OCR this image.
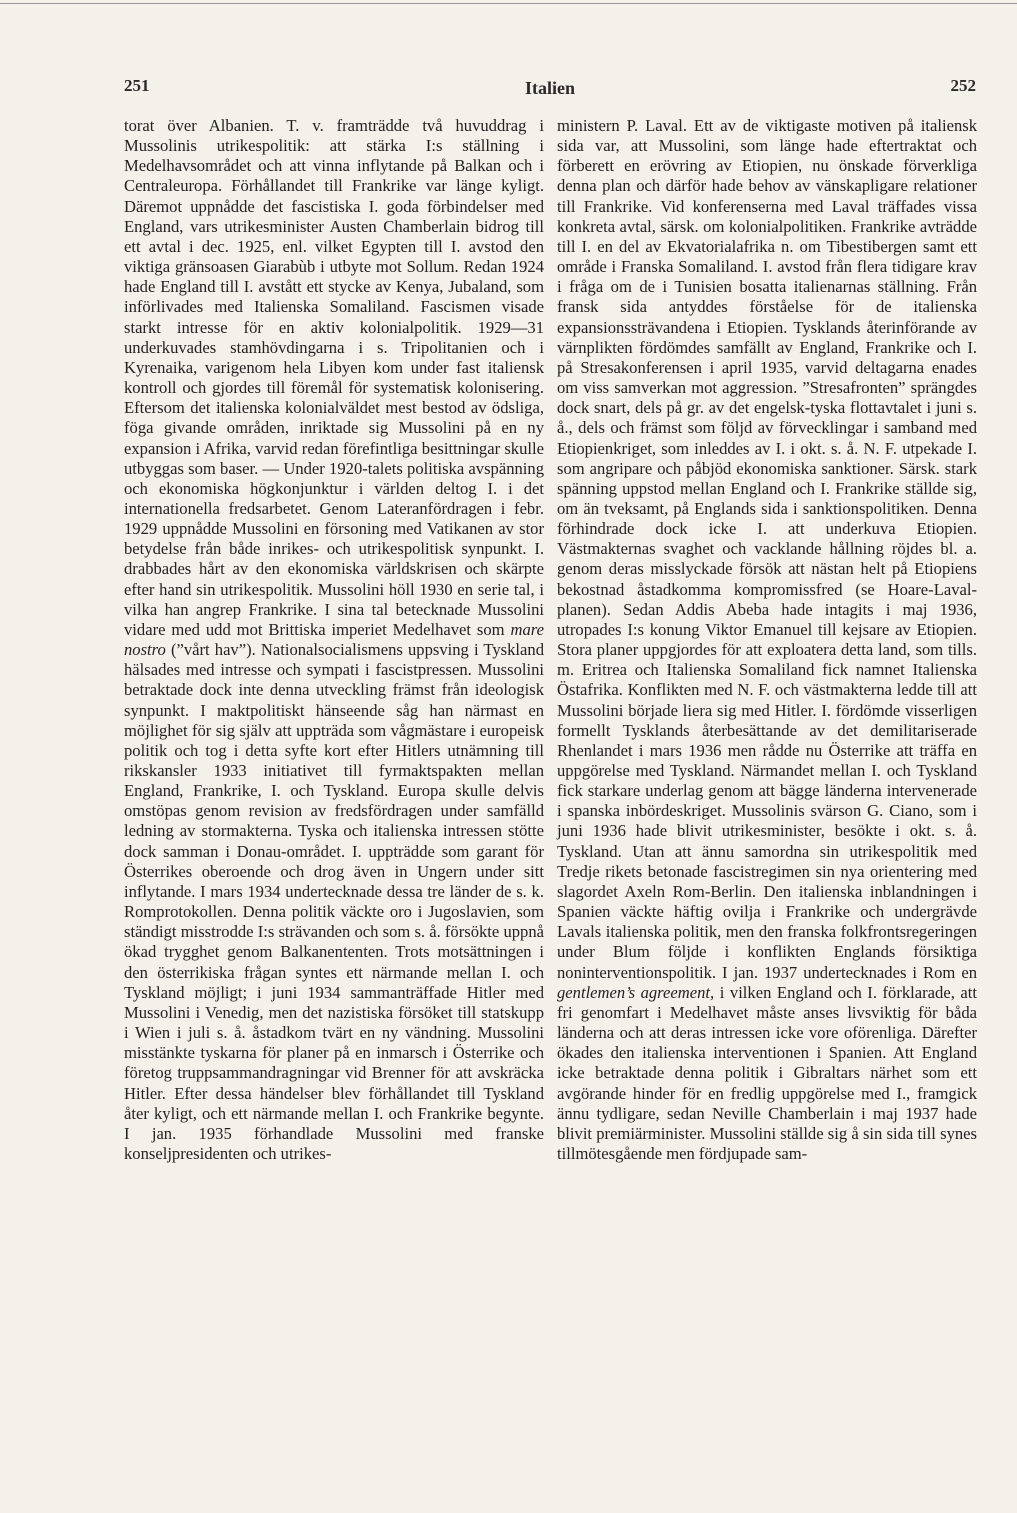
251	Italien	252

torat över Albanien. T. v. framträdde två huvuddrag i Mussolinis utrikespolitik: att stärka I:s ställning i Medelhavsområdet och att vinna inflytande på Balkan och i Centraleuropa. Förhållandet till Frankrike var länge kyligt. Däremot uppnådde det fascistiska I. goda förbindelser med England, vars utrikesminister Austen Chamberlain bidrog till ett avtal i dec. 1925, enl. vilket Egypten till I. avstod den viktiga gränsoasen Giarabùb i utbyte mot Sollum. Redan 1924 hade England till I. avstått ett stycke av Kenya, Jubaland, som införlivades med Italienska Somaliland. Fascismen visade starkt intresse för en aktiv kolonialpolitik. 1929—31 underkuvades stamhövdingarna i s. Tripolitanien och i Kyrenaika, varigenom hela Libyen kom under fast italiensk kontroll och gjordes till föremål för systematisk kolonisering. Eftersom det italienska kolonialväldet mest bestod av ödsliga, föga givande områden, inriktade sig Mussolini på en ny expansion i Afrika, varvid redan förefintliga besittningar skulle utbyggas som baser. — Under 1920-talets politiska avspänning och ekonomiska högkonjunktur i världen deltog I. i det internationella fredsarbetet. Genom Lateranfördragen i febr. 1929 uppnådde Mussolini en försoning med Vatikanen av stor betydelse från både inrikes- och utrikespolitisk synpunkt. I. drabbades hårt av den ekonomiska världskrisen och skärpte efter hand sin utrikespolitik. Mussolini höll 1930 en serie tal, i vilka han angrep Frankrike. I sina tal betecknade Mussolini vidare med udd mot Brittiska imperiet Medelhavet som mare nostro (”vårt hav”). Nationalsocialismens uppsving i Tyskland hälsades med intresse och sympati i fascistpressen. Mussolini betraktade dock inte denna utveckling främst från ideologisk synpunkt. I maktpolitiskt hänseende såg han närmast en möjlighet för sig själv att uppträda som vågmästare i europeisk politik och tog i detta syfte kort efter Hitlers utnämning till rikskansler 1933 initiativet till fyrmaktspakten mellan England, Frankrike, I. och Tyskland. Europa skulle delvis omstöpas genom revision av fredsfördragen under samfälld ledning av stormakterna. Tyska och italienska intressen stötte dock samman i Donau-området. I. uppträdde som garant för Österrikes oberoende och drog även in Ungern under sitt inflytande. I mars 1934 undertecknade dessa tre länder de s. k. Romprotokollen. Denna politik väckte oro i Jugoslavien, som ständigt misstrodde I:s strävanden och som s. å. försökte uppnå ökad trygghet genom Balkanententen. Trots motsättningen i den österrikiska frågan syntes ett närmande mellan I. och Tyskland möjligt; i juni 1934 sammanträffade Hitler med Mussolini i Venedig, men det nazistiska försöket till statskupp i Wien i juli s. å. åstadkom tvärt en ny vändning. Mussolini misstänkte tyskarna för planer på en inmarsch i Österrike och företog truppsammandragningar vid Brenner för att avskräcka Hitler. Efter dessa händelser blev förhållandet till Tyskland åter kyligt, och ett närmande mellan I. och Frankrike begynte. I jan. 1935 förhandlade Mussolini med franske konseljpresidenten och utrikes-

ministern P. Laval. Ett av de viktigaste motiven på italiensk sida var, att Mussolini, som länge hade eftertraktat och förberett en erövring av Etiopien, nu önskade förverkliga denna plan och därför hade behov av vänskapligare relationer till Frankrike. Vid konferenserna med Laval träffades vissa konkreta avtal, särsk. om kolonialpolitiken. Frankrike avträdde till I. en del av Ekvatorialafrika n. om Tibestibergen samt ett område i Franska Somaliland. I. avstod från flera tidigare krav i fråga om de i Tunisien bosatta italienarnas ställning. Från fransk sida antyddes förståelse för de italienska expansionssträvandena i Etiopien. Tysklands återinförande av värnplikten fördömdes samfällt av England, Frankrike och I. på Stresakonferensen i april 1935, varvid deltagarna enades om viss samverkan mot aggression. ”Stresafronten” sprängdes dock snart, dels på gr. av det engelsk-tyska flottavtalet i juni s. å., dels och främst som följd av förvecklingar i samband med Etiopienkriget, som inleddes av I. i okt. s. å. N. F. utpekade I. som angripare och påbjöd ekonomiska sanktioner. Särsk. stark spänning uppstod mellan England och I. Frankrike ställde sig, om än tveksamt, på Englands sida i sanktionspolitiken. Denna förhindrade dock icke I. att underkuva Etiopien. Västmakternas svaghet och vacklande hållning röjdes bl. a. genom deras misslyckade försök att nästan helt på Etiopiens bekostnad åstadkomma kompromissfred (se Hoare-Laval-planen). Sedan Addis Abeba hade intagits i maj 1936, utropades I:s konung Viktor Emanuel till kejsare av Etiopien. Stora planer uppgjordes för att exploatera detta land, som tills. m. Eritrea och Italienska Somaliland fick namnet Italienska Östafrika. Konflikten med N. F. och västmakterna ledde till att Mussolini började liera sig med Hitler. I. fördömde visserligen formellt Tysklands återbesättande av det demilitariserade Rhenlandet i mars 1936 men rådde nu Österrike att träffa en uppgörelse med Tyskland. Närmandet mellan I. och Tyskland fick starkare underlag genom att bägge länderna intervenerade i spanska inbördeskriget. Mussolinis svärson G. Ciano, som i juni 1936 hade blivit utrikesminister, besökte i okt. s. å. Tyskland. Utan att ännu samordna sin utrikespolitik med Tredje rikets betonade fascistregimen sin nya orientering med slagordet Axeln Rom-Berlin. Den italienska inblandningen i Spanien väckte häftig ovilja i Frankrike och undergrävde Lavals italienska politik, men den franska folkfrontsregeringen under Blum följde i konflikten Englands försiktiga noninterventionspolitik. I jan. 1937 undertecknades i Rom en gentlemen’s agreement, i vilken England och I. förklarade, att fri genomfart i Medelhavet måste anses livsviktig för båda länderna och att deras intressen icke vore oförenliga. Därefter ökades den italienska interventionen i Spanien. Att England icke betraktade denna politik i Gibraltars närhet som ett avgörande hinder för en fredlig uppgörelse med I., framgick ännu tydligare, sedan Neville Chamberlain i maj 1937 hade blivit premiärminister. Mussolini ställde sig å sin sida till synes tillmötesgående men fördjupade sam-
